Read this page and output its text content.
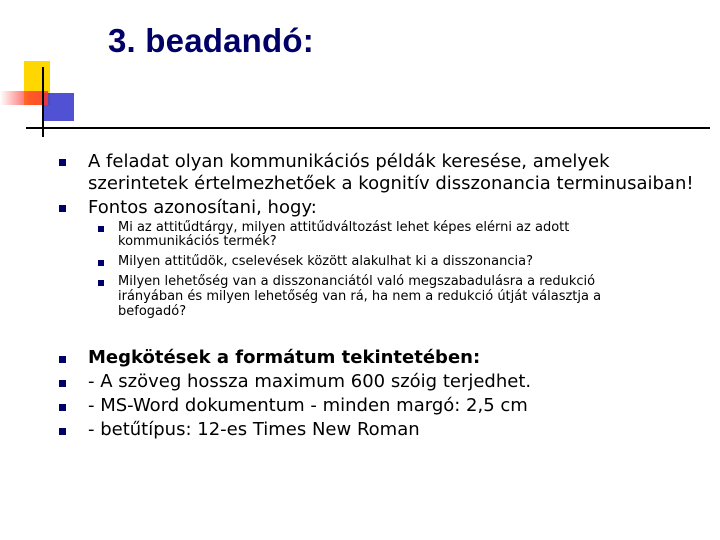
3. beadandó:
A feladat olyan kommunikációs példák keresése, amelyek
szerintetek értelmezhetőek a kognitív disszonancia terminusaiban!
Fontos azonosítani, hogy:
Mi az attitűdtárgy, milyen attitűdváltozást lehet képes elérni az adott
kommunikációs termék?
Milyen attitűdök, cselevések között alakulhat ki a disszonancia?
Milyen lehetőség van a disszonanciától való megszabadulásra a redukció
irányában és milyen lehetőség van rá, ha nem a redukció útját választja a
befogadó?
Megkötések a formátum tekintetében:
- A szöveg hossza maximum 600 szóig terjedhet.
- MS-Word dokumentum - minden margó: 2,5 cm
- betűtípus: 12-es Times New Roman
